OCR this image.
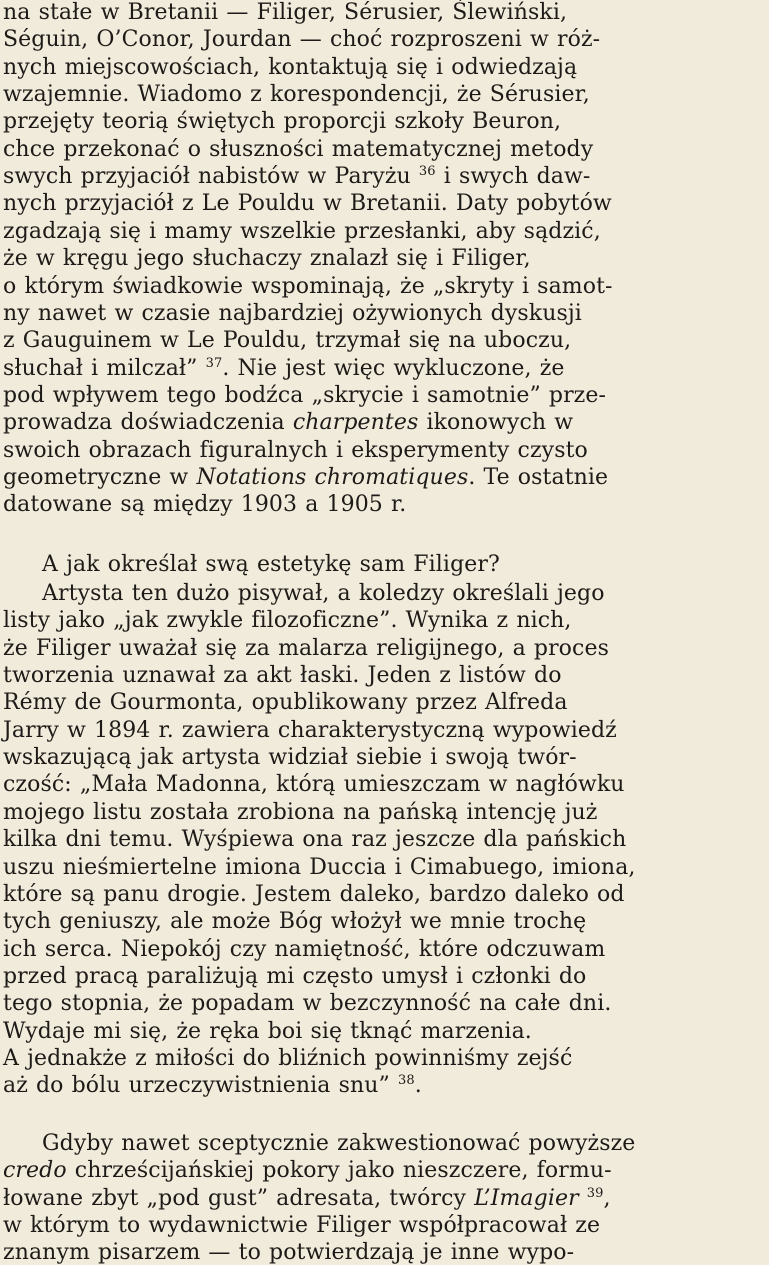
na stałe w Bretanii — Filiger, Sérusier, Ślewiński,
Séguin, O’Conor, Jourdan — choć rozproszeni w róż-
nych miejscowościach, kontaktują się i odwiedzają
wzajemnie. Wiadomo z korespondencji, że Sérusier,
przejęty teorią świętych proporcji szkoły Beuron,
chce przekonać o słuszności matematycznej metody
swych przyjaciół nabistów w Paryżu $^{36}$ i swych daw-
nych przyjaciół z Le Pouldu w Bretanii. Daty pobytów
zgadzają się i mamy wszelkie przesłanki, aby sądzić,
że w kręgu jego słuchaczy znalazł się i Filiger,
o którym świadkowie wspominają, że „skryty i samot-
ny nawet w czasie najbardziej ożywionych dyskusji
z Gauguinem w Le Pouldu, trzymał się na uboczu,
słuchał i milczał” $^{37}$. Nie jest więc wykluczone, że
pod wpływem tego bodźca „skrycie i samotnie” prze-
prowadza doświadczenia charpentes ikonowych w
swoich obrazach figuralnych i eksperymenty czysto
geometryczne w Notations chromatiques. Te ostatnie
datowane są między 1903 a 1905 r.
A jak określał swą estetykę sam Filiger?
Artysta ten dużo pisywał, a koledzy określali jego
listy jako „jak zwykle filozoficzne”. Wynika z nich,
że Filiger uważał się za malarza religijnego, a proces
tworzenia uznawał za akt łaski. Jeden z listów do
Rémy de Gourmonta, opublikowany przez Alfreda
Jarry w 1894 r. zawiera charakterystyczną wypowiedź
wskazującą jak artysta widział siebie i swoją twór-
czość: „Mała Madonna, którą umieszczam w nagłówku
mojego listu została zrobiona na pańską intencję już
kilka dni temu. Wyśpiewa ona raz jeszcze dla pańskich
uszu nieśmiertelne imiona Duccia i Cimabuego, imiona,
które są panu drogie. Jestem daleko, bardzo daleko od
tych geniuszy, ale może Bóg włożył we mnie trochę
ich serca. Niepokój czy namiętność, które odczuwam
przed pracą paraliżują mi często umysł i członki do
tego stopnia, że popadam w bezczynność na całe dni.
Wydaje mi się, że ręka boi się tknąć marzenia.
A jednakże z miłości do bliźnich powinniśmy zejść
aż do bólu urzeczywistnienia snu” $^{38}$.
Gdyby nawet sceptycznie zakwestionować powyższe
credo chrześcijańskiej pokory jako nieszczere, formu-
łowane zbyt „pod gust” adresata, twórcy L’Imagier $^{39}$,
w którym to wydawnictwie Filiger współpracował ze
znanym pisarzem — to potwierdzają je inne wypo-
